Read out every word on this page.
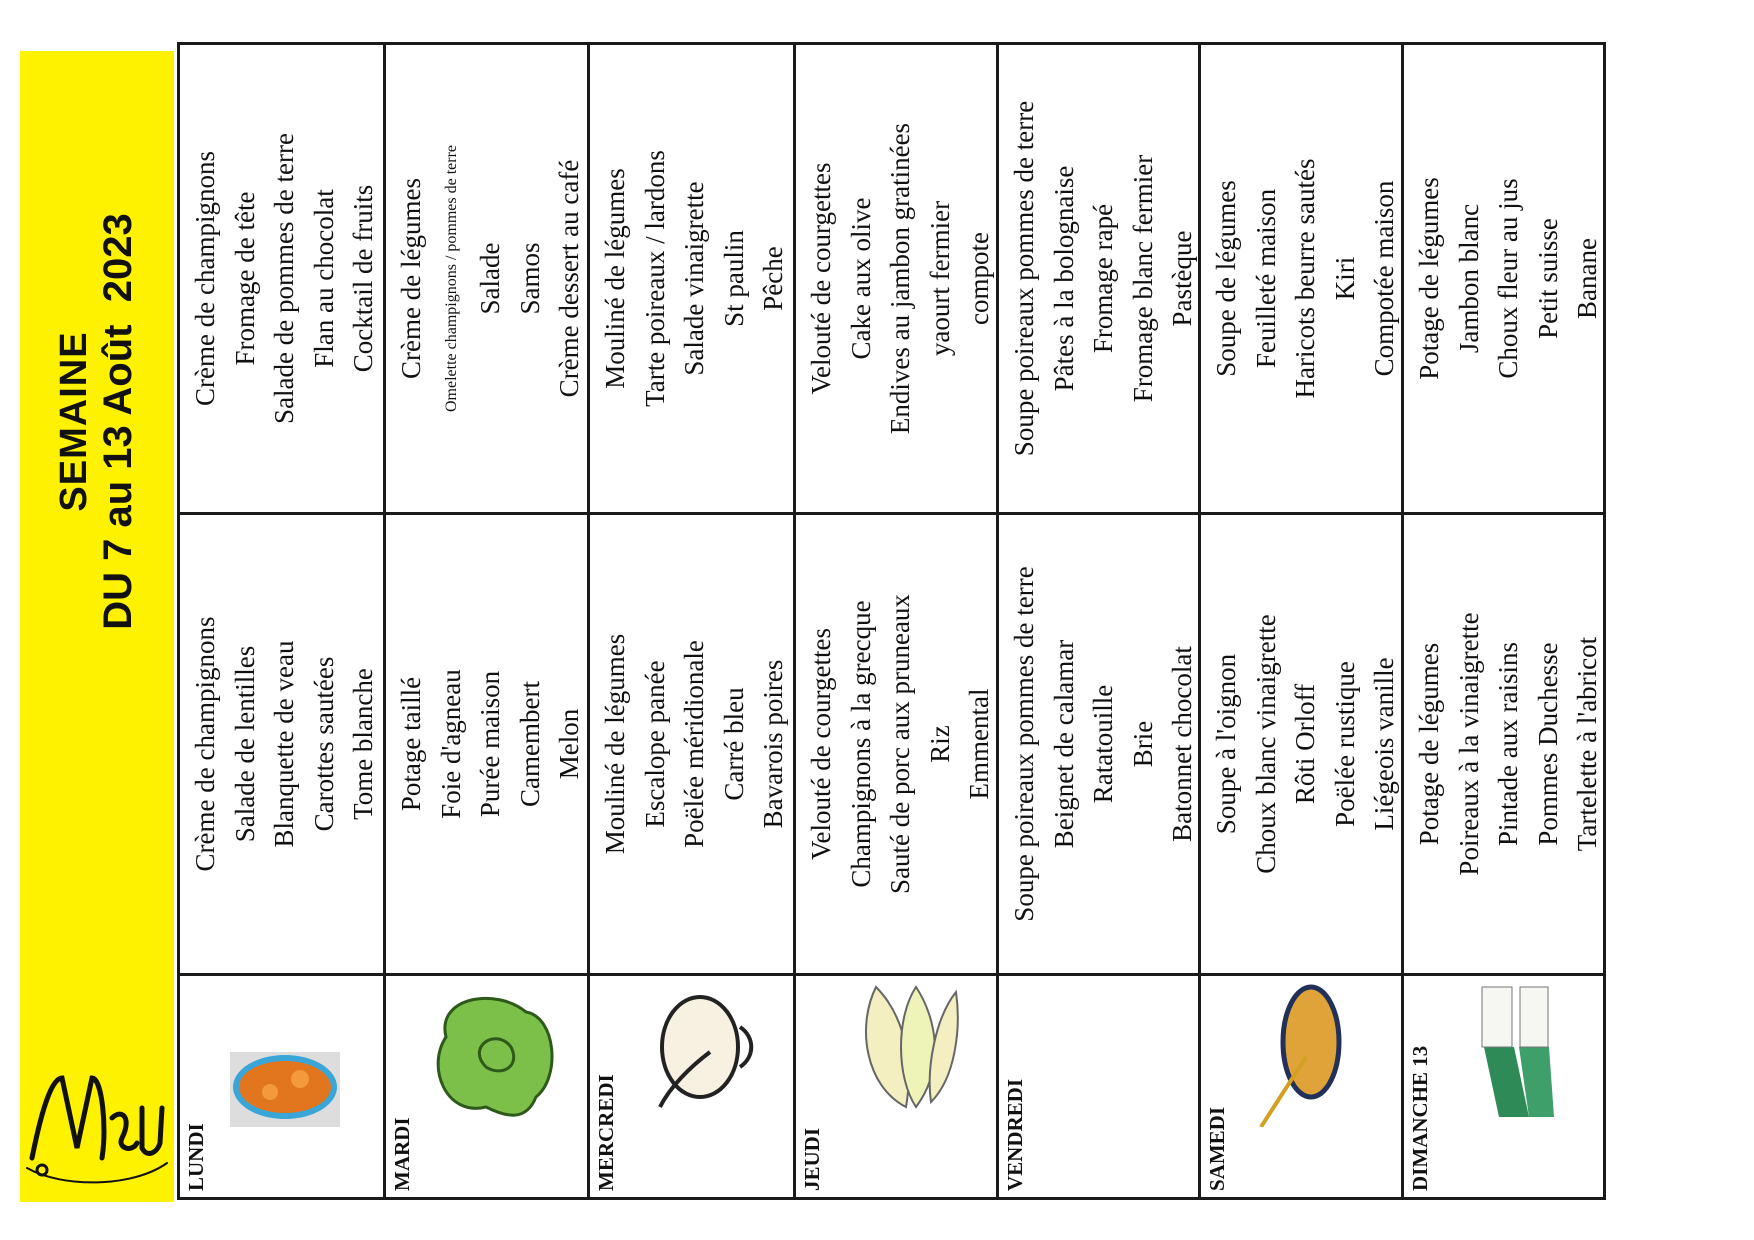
SEMAINE DU 7 au 13 Août  2023
LUNDI
Crème de champignons Salade de lentilles Blanquette de veau Carottes sautées Tome blanche
Crème de champignons Fromage de tête Salade de pommes de terre Flan au chocolat Cocktail de fruits
MARDI
Potage taillé Foie d'agneau Purée maison Camembert Melon
Crème de légumes	Omelette champignons / pommes de terre Salade Samos Crème dessert au café
MERCREDI
Mouliné de légumes Escalope panée Poëlée méridionale Carré bleu Bavarois poires
Mouliné de légumes Tarte poireaux / lardons Salade vinaigrette St paulin Pêche
JEUDI
Velouté de courgettes Champignons à la grecque Sauté de porc aux pruneaux Riz Emmental
Velouté de courgettes Cake aux olive Endives au jambon gratinées yaourt fermier compote
VENDREDI
Soupe poireaux pommes de terre Beignet de calamar Ratatouille Brie Batonnet chocolat
Soupe poireaux pommes de terre Pâtes à la bolognaise Fromage rapé Fromage blanc fermier Pastèque
SAMEDI
Soupe à l'oignon Choux blanc vinaigrette Rôti Orloff Poëlée rustique Liégeois vanille
Soupe de légumes Feuilleté maison Haricots beurre sautés Kiri Compotée maison
DIMANCHE 13
Potage de légumes Poireaux à la vinaigrette Pintade aux raisins Pommes Duchesse Tartelette à l'abricot
Potage de légumes Jambon blanc Choux fleur au jus Petit suisse Banane
